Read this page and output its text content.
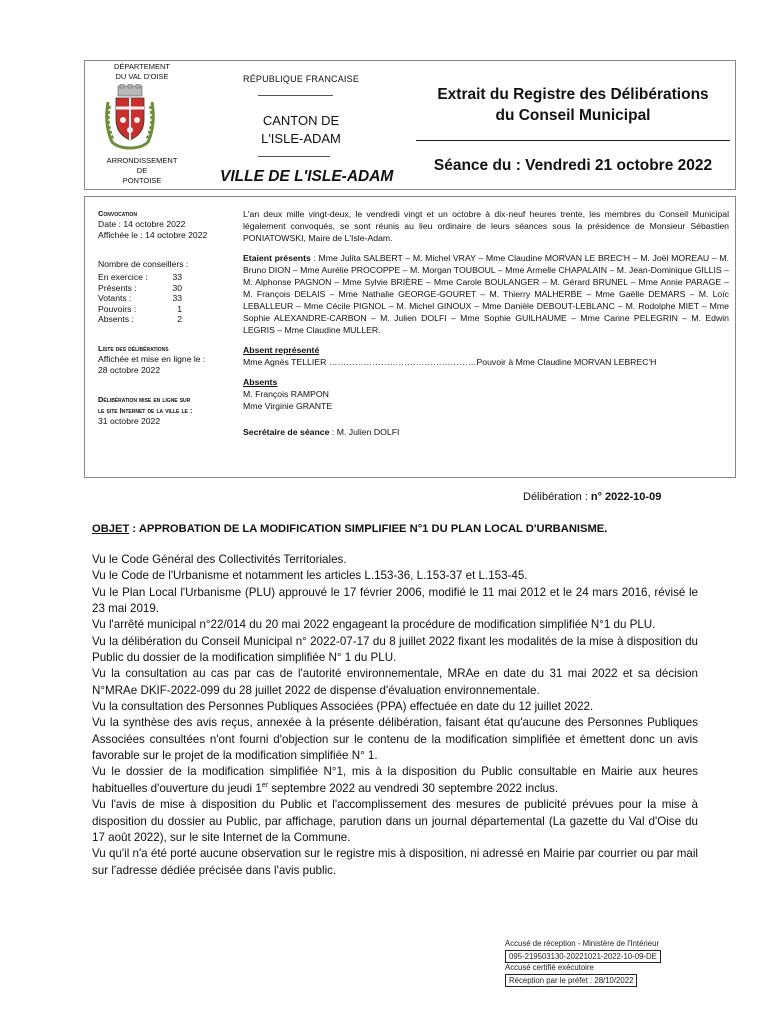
DÉPARTEMENT
DU VAL D'OISE
ARRONDISSEMENT
DE
PONTOISE
RÉPUBLIQUE FRANCAISE
CANTON DE
L'ISLE-ADAM
VILLE DE L'ISLE-ADAM
Extrait du Registre des Délibérations
du Conseil Municipal
Séance du : Vendredi 21 octobre 2022
Convocation
Date : 14 octobre 2022
Affichée le : 14 octobre 2022
Nombre de conseillers :
En exercice :	33
Présents :	30
Votants :	33
Pouvoirs :	1
Absents :	2
Liste des délibérations
Affichée et mise en ligne le :
28 octobre 2022
Délibération mise en ligne sur
le site Internet de la ville le :
31 octobre 2022

L'an deux mille vingt-deux, le vendredi vingt et un octobre à dix-neuf heures trente, les membres du Conseil Municipal légalement convoqués, se sont réunis au lieu ordinaire de leurs séances sous la présidence de Monsieur Sébastien PONIATOWSKI, Maire de L'Isle-Adam.

Etaient présents : Mme Julita SALBERT – M. Michel VRAY – Mme Claudine MORVAN LE BREC'H – M. Joël MOREAU – M. Bruno DION – Mme Aurélie PROCOPPE – M. Morgan TOUBOUL – Mme Armelle CHAPALAIN – M. Jean-Dominique GILLIS – M. Alphonse PAGNON – Mme Sylvie BRIÈRE – Mme Carole BOULANGER – M. Gérard BRUNEL – Mme Annie PARAGE – M. François DELAIS – Mme Nathalie GEORGE-GOURET – M. Thierry MALHERBE – Mme Gaëlle DEMARS – M. Loïc LEBALLEUR – Mme Cécile PIGNOL – M. Michel GINOUX – Mme Danièle DEBOUT-LEBLANC – M. Rodolphe MIET – Mme Sophie ALEXANDRE-CARBON – M. Julien DOLFI – Mme Sophie GUILHAUME – Mme Carine PELEGRIN – M. Edwin LEGRIS – Mme Claudine MULLER.

Absent représenté

Mme Agnès TELLIER ……………………………………………Pouvoir à Mme Claudine MORVAN LEBREC'H

Absents
M. François RAMPON
Mme Virginie GRANTE
Secrétaire de séance : M. Julien DOLFI
Délibération : n° 2022-10-09
OBJET : APPROBATION DE LA MODIFICATION SIMPLIFIEE N°1 DU PLAN LOCAL D'URBANISME.

Vu le Code Général des Collectivités Territoriales.

Vu le Code de l'Urbanisme et notamment les articles L.153-36, L.153-37 et L.153-45.

Vu le Plan Local l'Urbanisme (PLU) approuvé le 17 février 2006, modifié le 11 mai 2012 et le 24 mars 2016, révisé le 23 mai 2019.

Vu l'arrêté municipal n°22/014 du 20 mai 2022 engageant la procédure de modification simplifiée N°1 du PLU.

Vu la délibération du Conseil Municipal n° 2022-07-17 du 8 juillet 2022 fixant les modalités de la mise à disposition du Public du dossier de la modification simplifiée N° 1 du PLU.

Vu la consultation au cas par cas de l'autorité environnementale, MRAe en date du 31 mai 2022 et sa décision N°MRAe DKIF-2022-099 du 28 juillet 2022 de dispense d'évaluation environnementale.

Vu la consultation des Personnes Publiques Associées (PPA) effectuée en date du 12 juillet 2022.

Vu la synthèse des avis reçus, annexée à la présente délibération, faisant état qu'aucune des Personnes Publiques Associées consultées n'ont fourni d'objection sur le contenu de la modification simplifiée et émettent donc un avis favorable sur le projet de la modification simplifiée N° 1.

Vu le dossier de la modification simplifiée N°1, mis à la disposition du Public consultable en Mairie aux heures habituelles d'ouverture du jeudi 1er septembre 2022 au vendredi 30 septembre 2022 inclus.

Vu l'avis de mise à disposition du Public et l'accomplissement des mesures de publicité prévues pour la mise à disposition du dossier au Public, par affichage, parution dans un journal départemental (La gazette du Val d'Oise du 17 août 2022), sur le site Internet de la Commune.

Vu qu'il n'a été porté aucune observation sur le registre mis à disposition, ni adressé en Mairie par courrier ou par mail sur l'adresse dédiée précisée dans l'avis public.

Accusé de réception - Ministère de l'Intérieur
095-219503130-20221021-2022-10-09-DE
Accusé certifié exécutoire
Réception par le préfet : 28/10/2022
